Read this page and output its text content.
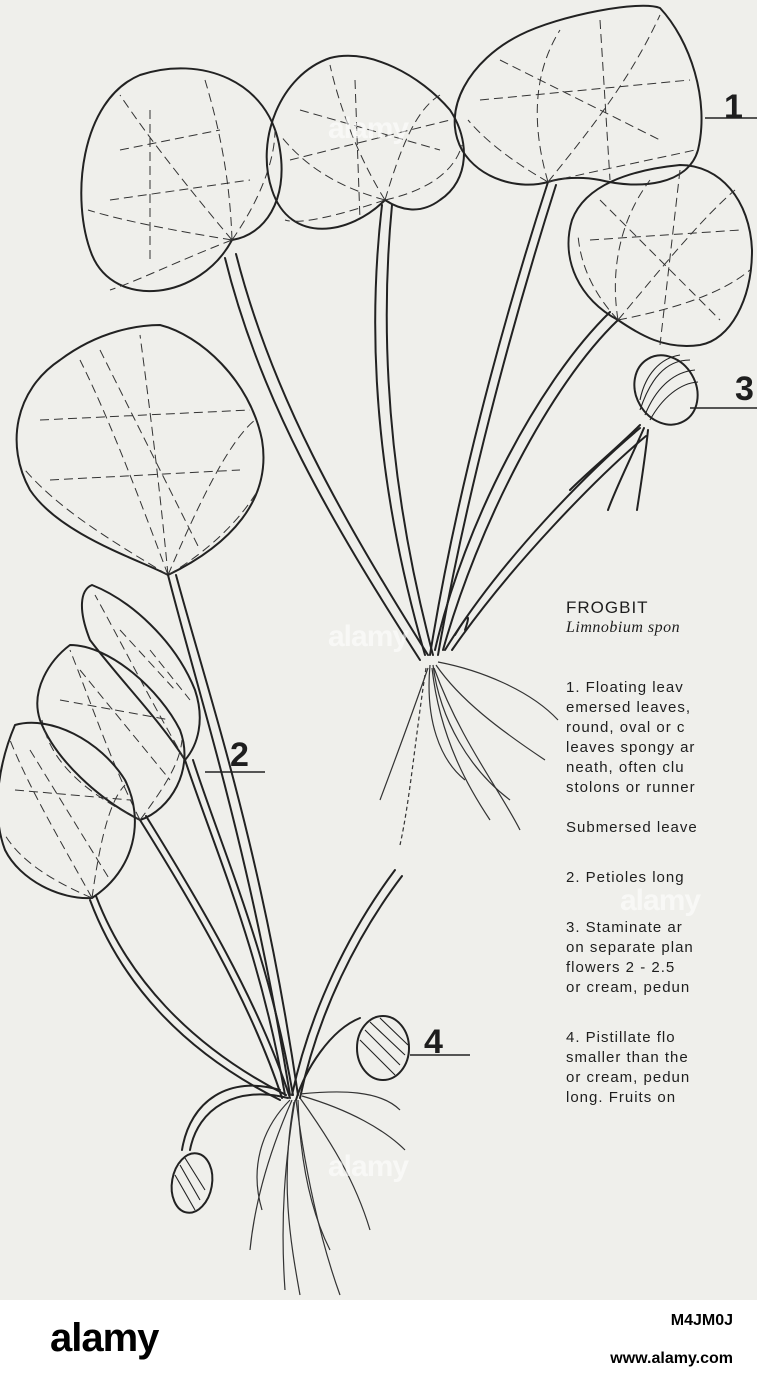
1
2
3
4

FROGBIT

Limnobium spon

1. Floating leav

emersed leaves,

round, oval or c

leaves spongy ar

neath, often clu

stolons or runner

Submersed leave

2. Petioles long

3. Staminate ar

on separate plan

flowers 2 - 2.5

or cream, pedun

4. Pistillate flo

smaller than the

or cream, pedun

long. Fruits on

alamy
alamy
alamy
alamy
alamy	M4JM0J
www.alamy.com
